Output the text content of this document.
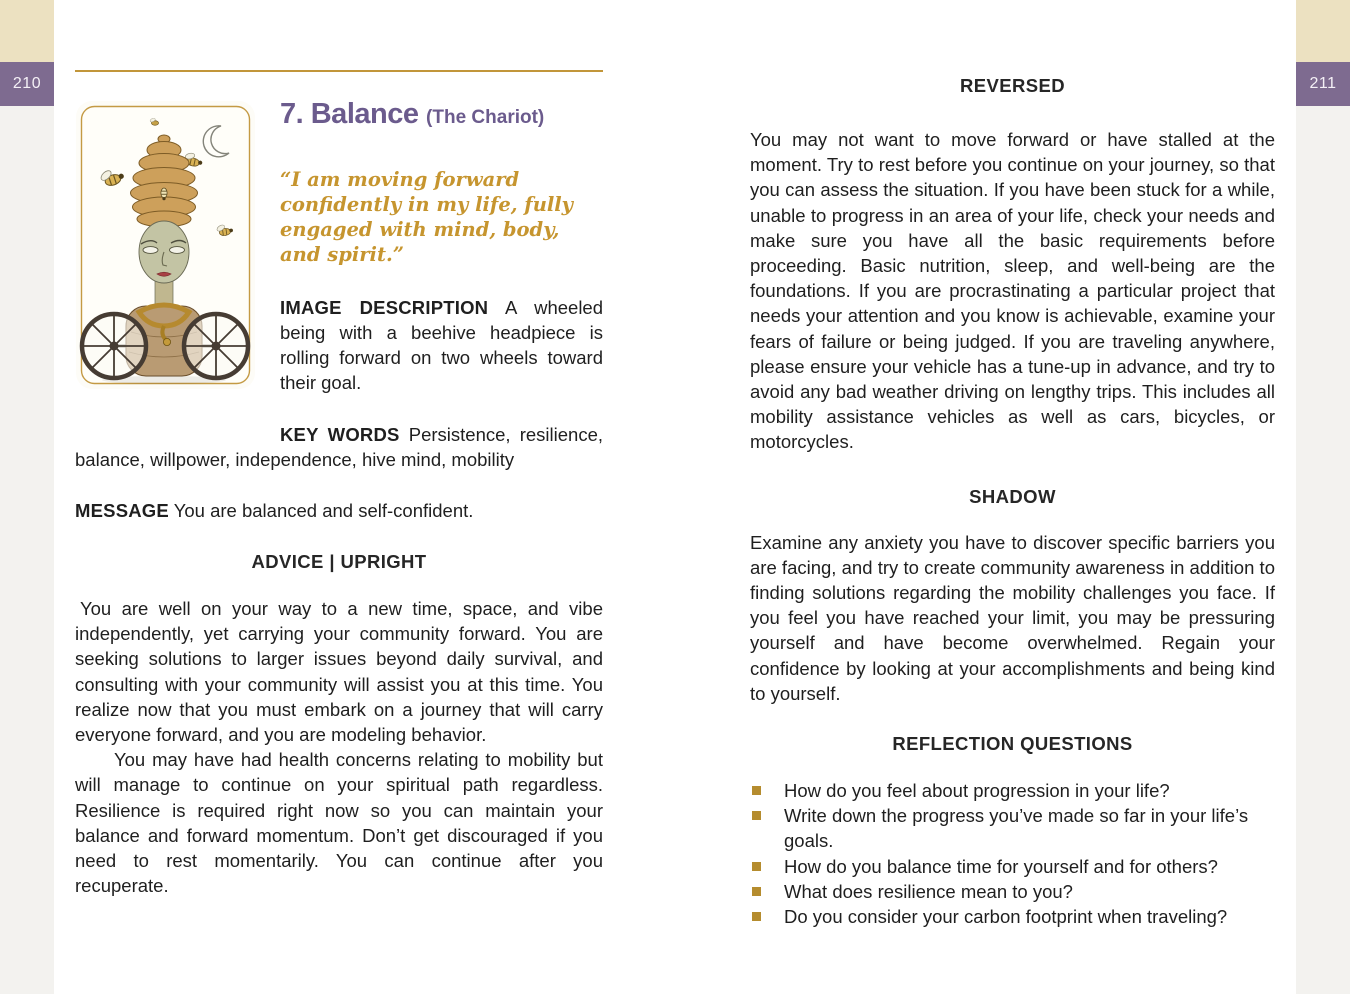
210	211
7. Balance (The Chariot)

“I am moving forward confidently in my life, fully engaged with mind, body, and spirit.”

IMAGE DESCRIPTION A wheeled being with a beehive headpiece is rolling forward on two wheels toward their goal.

KEY WORDS Persistence, resilience, balance, willpower, independence, hive mind, mobility

MESSAGE You are balanced and self-confident.

ADVICE | UPRIGHT

You are well on your way to a new time, space, and vibe independently, yet carrying your community forward. You are seeking solutions to larger issues beyond daily survival, and consulting with your community will assist you at this time. You realize now that you must embark on a journey that will carry everyone forward, and you are modeling behavior.

You may have had health concerns relating to mobility but will manage to continue on your spiritual path regardless. Resilience is required right now so you can maintain your balance and forward momentum. Don’t get discouraged if you need to rest momentarily. You can continue after you recuperate.

REVERSED

You may not want to move forward or have stalled at the moment. Try to rest before you continue on your journey, so that you can assess the situation. If you have been stuck for a while, unable to progress in an area of your life, check your needs and make sure you have all the basic requirements before proceeding. Basic nutrition, sleep, and well-being are the foundations. If you are procrastinating a particular project that needs your attention and you know is achievable, examine your fears of failure or being judged. If you are traveling anywhere, please ensure your vehicle has a tune-up in advance, and try to avoid any bad weather driving on lengthy trips. This includes all mobility assistance vehicles as well as cars, bicycles, or motorcycles.

SHADOW

Examine any anxiety you have to discover specific barriers you are facing, and try to create community awareness in addition to finding solutions regarding the mobility challenges you face. If you feel you have reached your limit, you may be pressuring yourself and have become overwhelmed. Regain your confidence by looking at your accomplishments and being kind to yourself.

REFLECTION QUESTIONS
How do you feel about progression in your life?
Write down the progress you’ve made so far in your life’s goals.
How do you balance time for yourself and for others?
What does resilience mean to you?
Do you consider your carbon footprint when traveling?
